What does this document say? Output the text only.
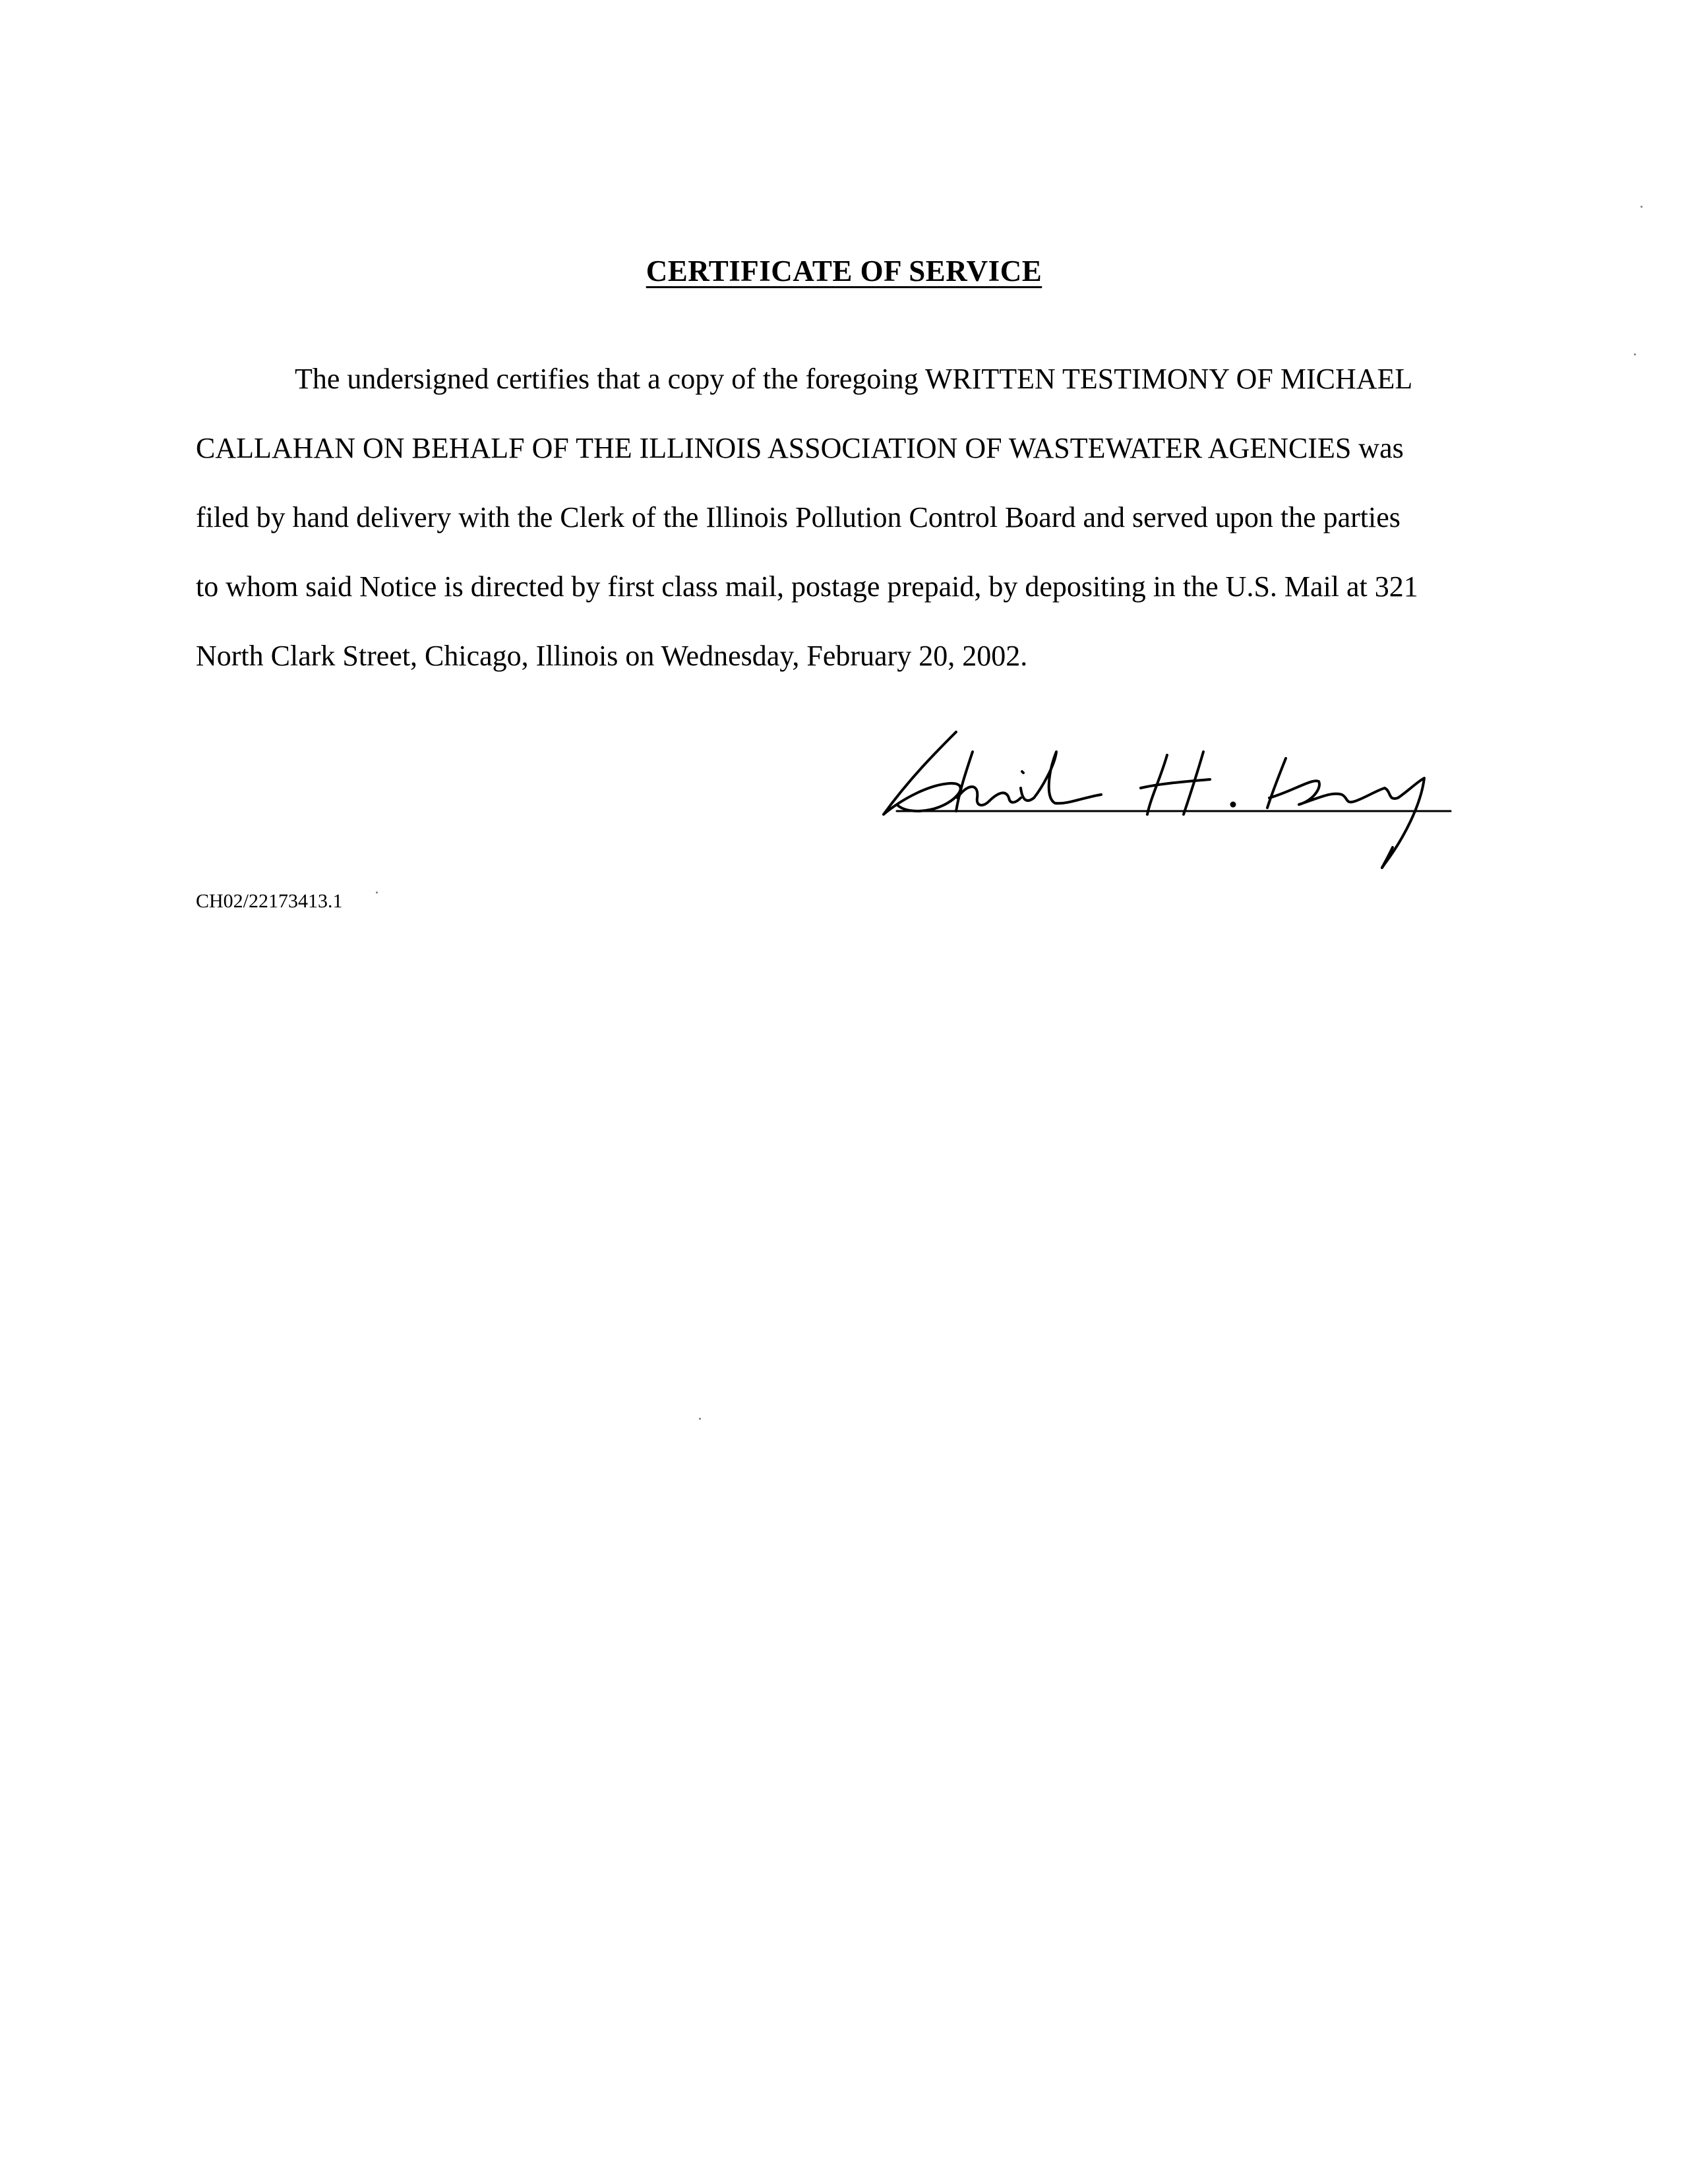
CERTIFICATE OF SERVICE
The undersigned certifies that a copy of the foregoing WRITTEN TESTIMONY OF MICHAEL
CALLAHAN ON BEHALF OF THE ILLINOIS ASSOCIATION OF WASTEWATER AGENCIES was
filed by hand delivery with the Clerk of the Illinois Pollution Control Board and served upon the parties
to whom said Notice is directed by first class mail, postage prepaid, by depositing in the U.S. Mail at 321
North Clark Street, Chicago, Illinois on Wednesday, February 20, 2002.
CH02/22173413.1
